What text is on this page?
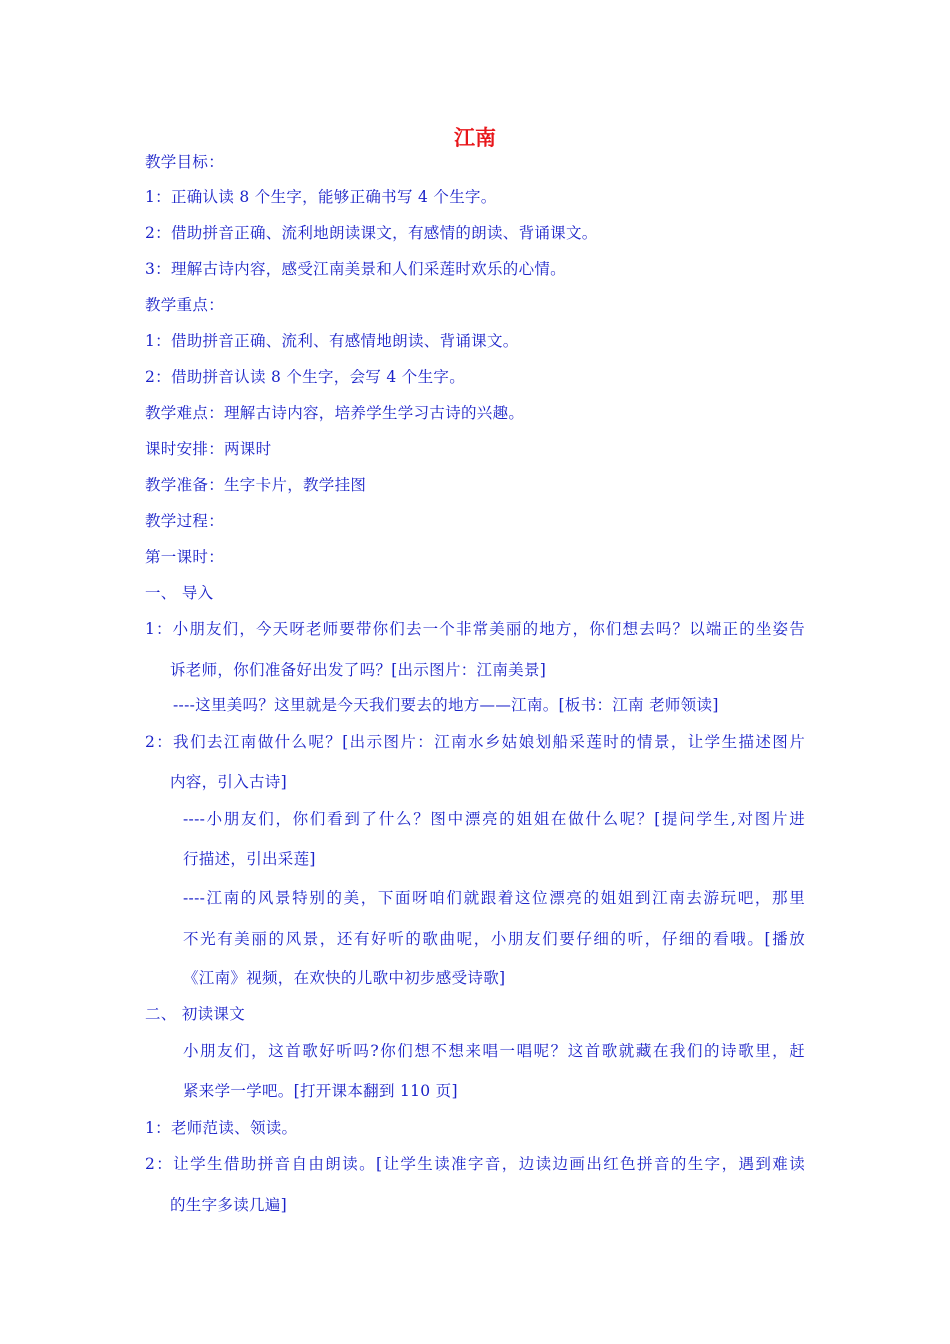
江南
教学目标：
1：正确认读 8 个生字，能够正确书写 4 个生字。
2：借助拼音正确、流利地朗读课文，有感情的朗读、背诵课文。
3：理解古诗内容，感受江南美景和人们采莲时欢乐的心情。
教学重点：
1：借助拼音正确、流利、有感情地朗读、背诵课文。
2：借助拼音认读 8 个生字，会写 4 个生字。
教学难点：理解古诗内容，培养学生学习古诗的兴趣。
课时安排：两课时
教学准备：生字卡片，教学挂图
教学过程：
第一课时：
一、 导入
1：小朋友们，今天呀老师要带你们去一个非常美丽的地方，你们想去吗？以端正的坐姿告
诉老师，你们准备好出发了吗？[出示图片：江南美景]
----这里美吗？这里就是今天我们要去的地方——江南。[板书：江南 老师领读]
2：我们去江南做什么呢？[出示图片：江南水乡姑娘划船采莲时的情景，让学生描述图片
内容，引入古诗]
----小朋友们，你们看到了什么？图中漂亮的姐姐在做什么呢？[提问学生,对图片进
行描述，引出采莲]
----江南的风景特别的美，下面呀咱们就跟着这位漂亮的姐姐到江南去游玩吧，那里
不光有美丽的风景，还有好听的歌曲呢，小朋友们要仔细的听，仔细的看哦。[播放
《江南》视频，在欢快的儿歌中初步感受诗歌]
二、 初读课文
小朋友们，这首歌好听吗?你们想不想来唱一唱呢？这首歌就藏在我们的诗歌里，赶
紧来学一学吧。[打开课本翻到 110 页]
1：老师范读、领读。
2：让学生借助拼音自由朗读。[让学生读准字音，边读边画出红色拼音的生字，遇到难读
的生字多读几遍]
